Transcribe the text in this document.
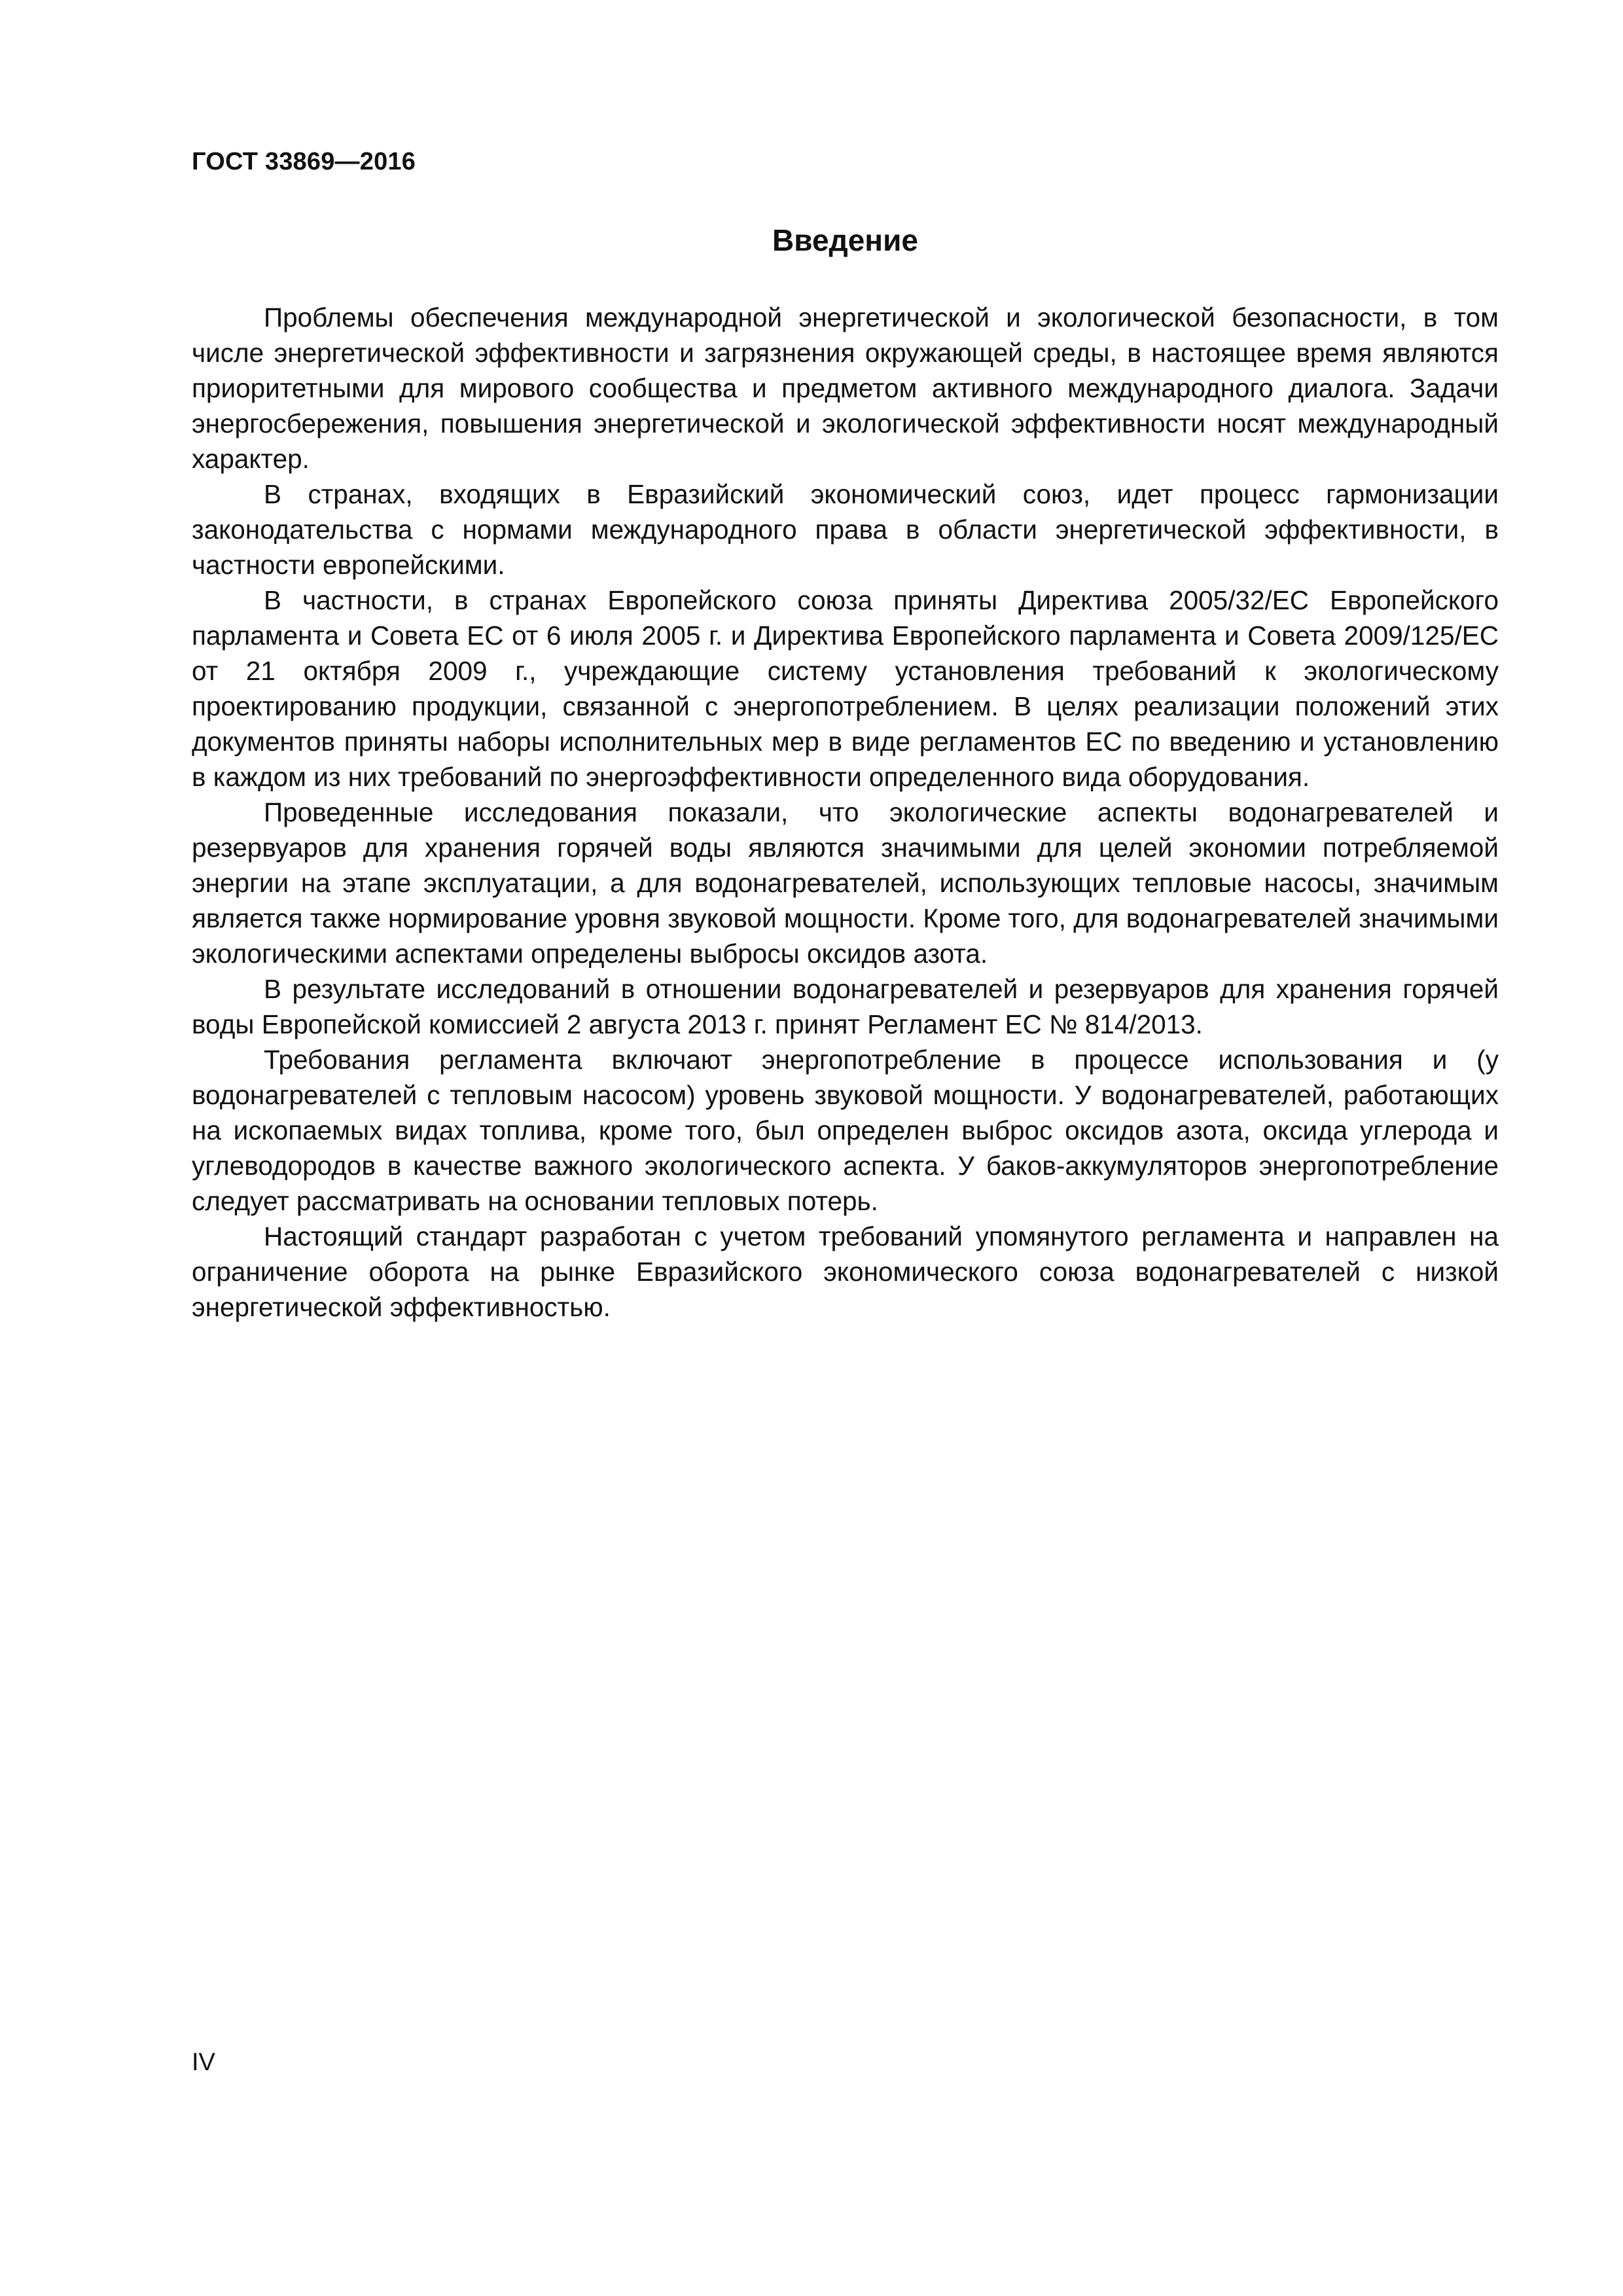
ГОСТ 33869—2016
Введение

Проблемы обеспечения международной энергетической и экологической безопасности, в том числе энергетической эффективности и загрязнения окружающей среды, в настоящее время являются приоритетными для мирового сообщества и предметом активного международного диалога. Задачи энергосбережения, повышения энергетической и экологической эффективности носят международный характер.

В странах, входящих в Евразийский экономический союз, идет процесс гармонизации законодательства с нормами международного права в области энергетической эффективности, в частности европейскими.

В частности, в странах Европейского союза приняты Директива 2005/32/ЕС Европейского парламента и Совета ЕС от 6 июля 2005 г. и Директива Европейского парламента и Совета 2009/125/ЕС от 21 октября 2009 г., учреждающие систему установления требований к экологическому проектированию продукции, связанной с энергопотреблением. В целях реализации положений этих документов приняты наборы исполнительных мер в виде регламентов ЕС по введению и установлению в каждом из них требований по энергоэффективности определенного вида оборудования.

Проведенные исследования показали, что экологические аспекты водонагревателей и резервуаров для хранения горячей воды являются значимыми для целей экономии потребляемой энергии на этапе эксплуатации, а для водонагревателей, использующих тепловые насосы, значимым является также нормирование уровня звуковой мощности. Кроме того, для водонагревателей значимыми экологическими аспектами определены выбросы оксидов азота.

В результате исследований в отношении водонагревателей и резервуаров для хранения горячей воды Европейской комиссией 2 августа 2013 г. принят Регламент ЕС № 814/2013.

Требования регламента включают энергопотребление в процессе использования и (у водонагревателей с тепловым насосом) уровень звуковой мощности. У водонагревателей, работающих на ископаемых видах топлива, кроме того, был определен выброс оксидов азота, оксида углерода и углеводородов в качестве важного экологического аспекта. У баков-аккумуляторов энергопотребление следует рассматривать на основании тепловых потерь.

Настоящий стандарт разработан с учетом требований упомянутого регламента и направлен на ограничение оборота на рынке Евразийского экономического союза водонагревателей с низкой энергетической эффективностью.

IV
